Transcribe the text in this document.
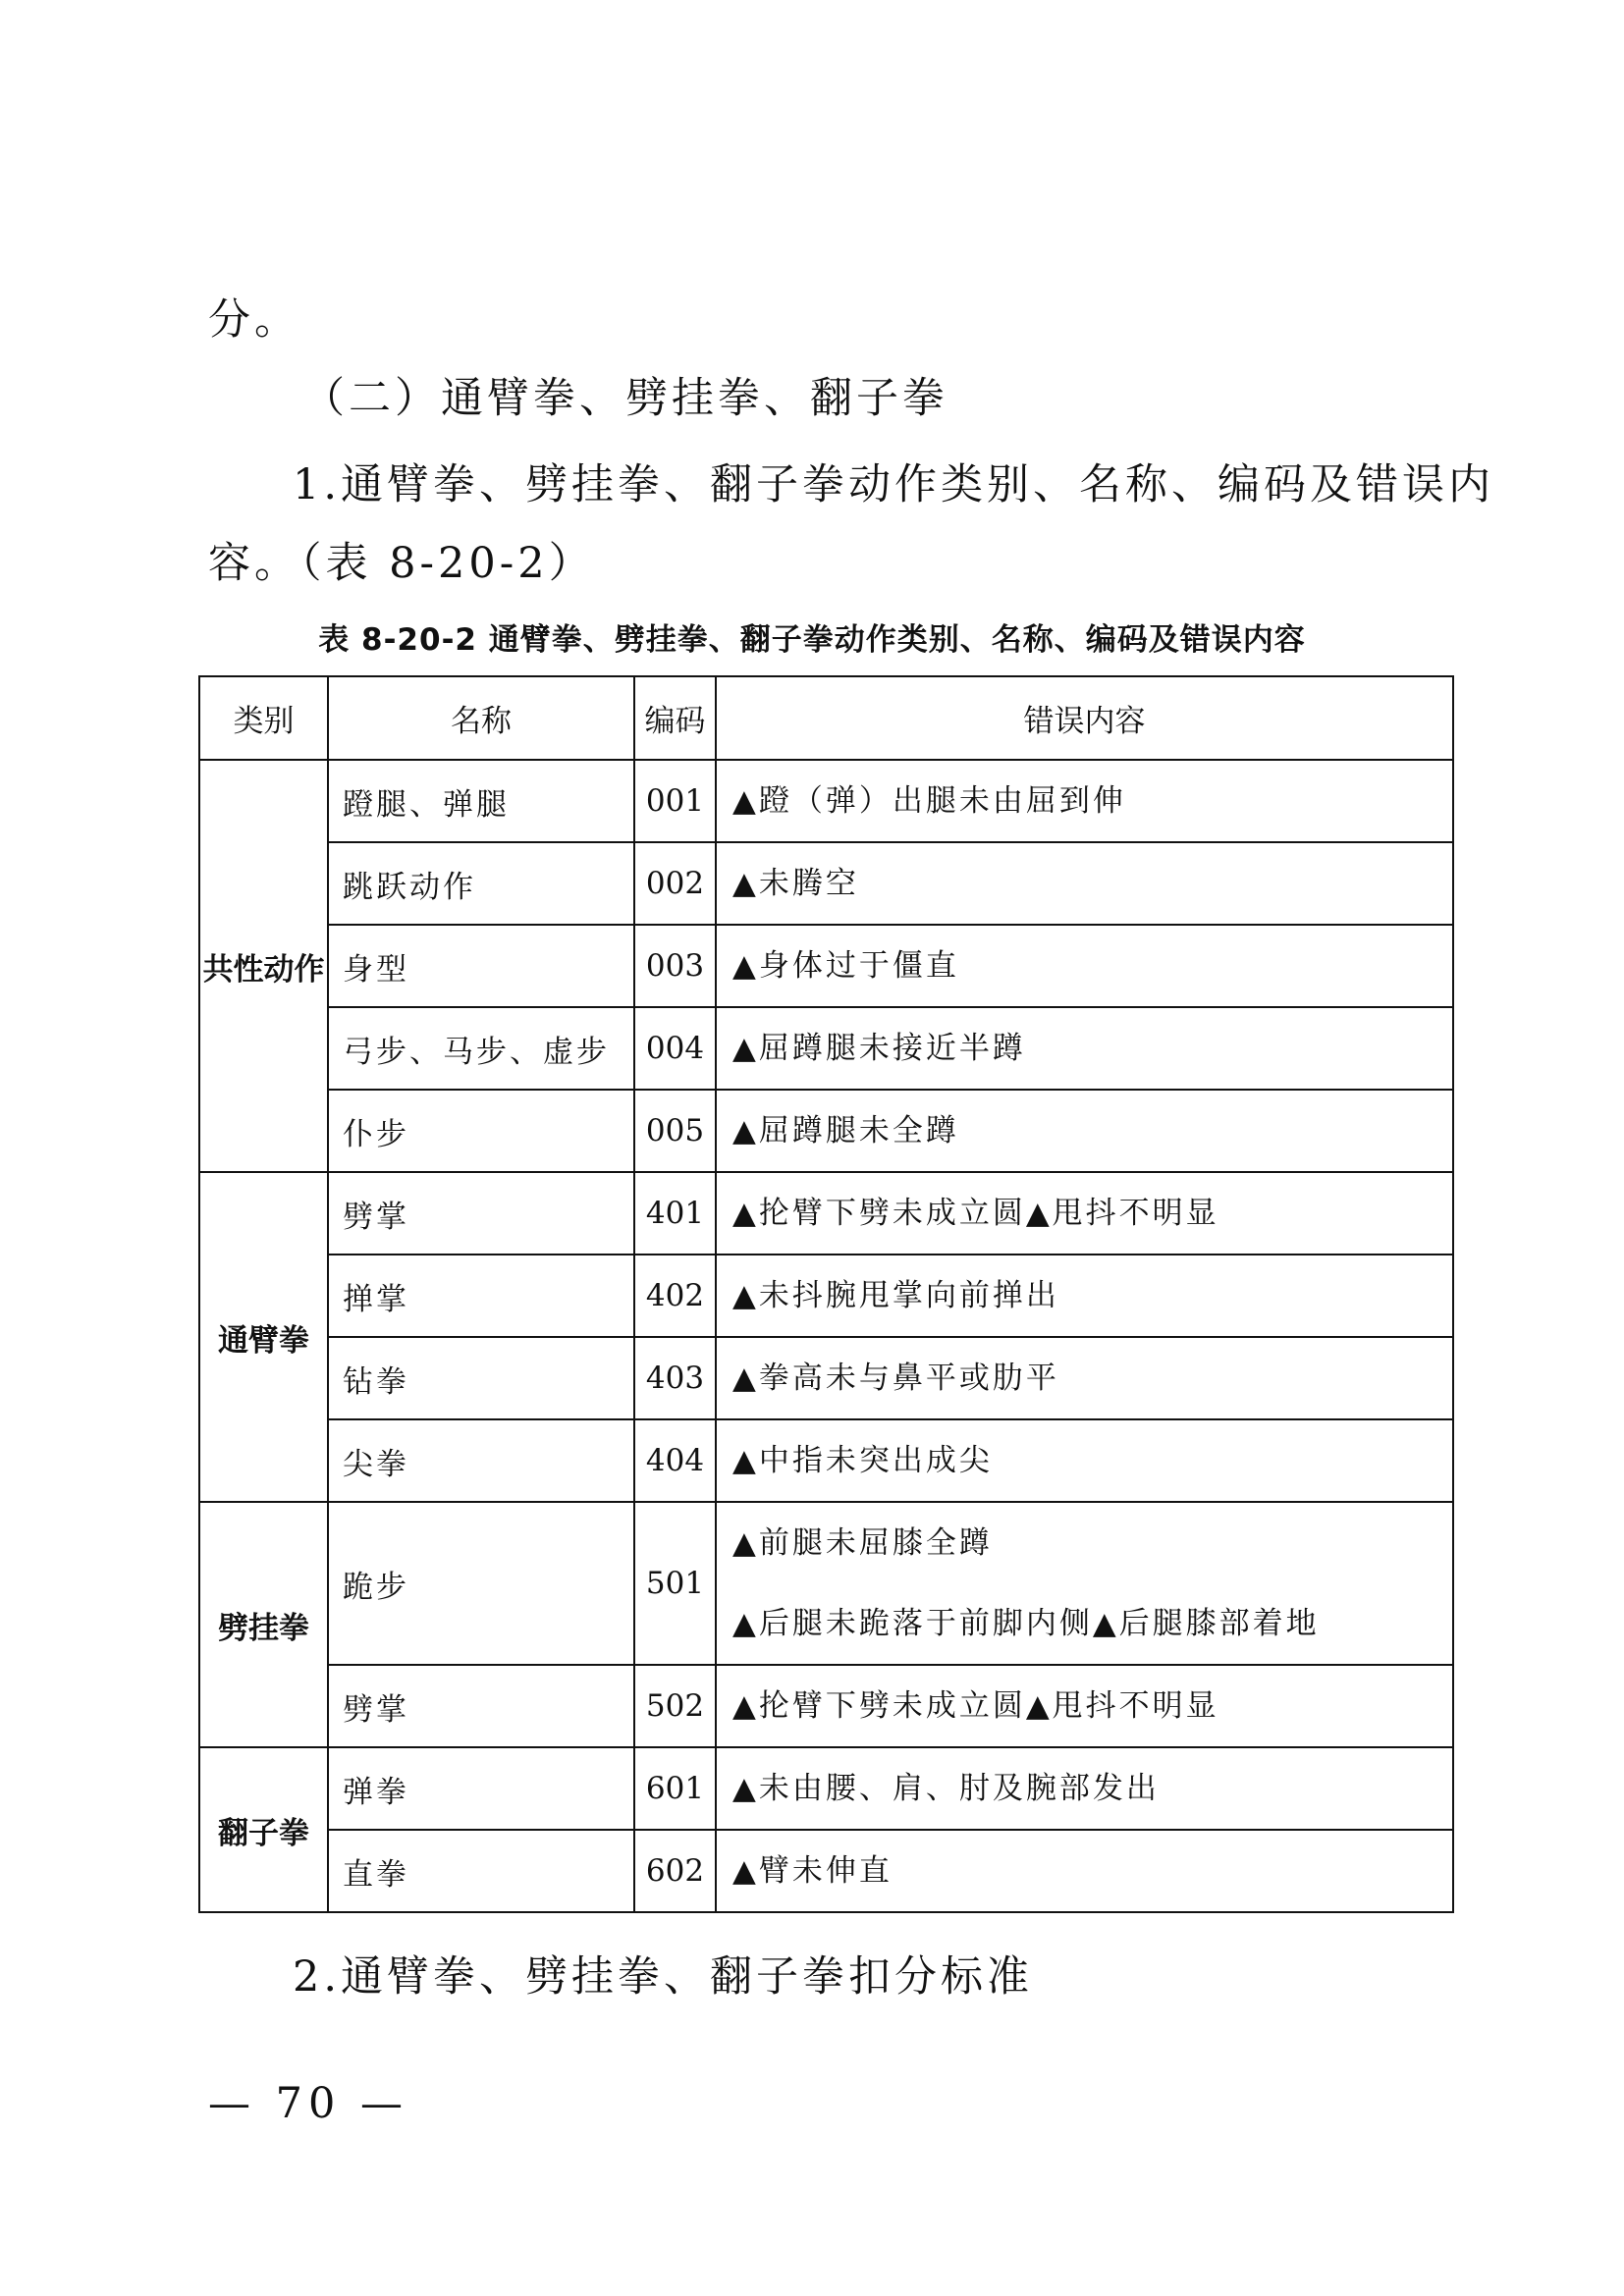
分。
（二）通臂拳、劈挂拳、翻子拳
1.通臂拳、劈挂拳、翻子拳动作类别、名称、编码及错误内
容。（表 8-20-2）
表 8-20-2 通臂拳、劈挂拳、翻子拳动作类别、名称、编码及错误内容
类别	名称	编码	错误内容
共性动作	蹬腿、弹腿	001	▲蹬（弹）出腿未由屈到伸

	跳跃动作	002	▲未腾空

	身型	003	▲身体过于僵直

	弓步、马步、虚步	004	▲屈蹲腿未接近半蹲

	仆步	005	▲屈蹲腿未全蹲

通臂拳	劈掌	401	▲抡臂下劈未成立圆▲甩抖不明显

	掸掌	402	▲未抖腕甩掌向前掸出

	钻拳	403	▲拳高未与鼻平或肋平

	尖拳	404	▲中指未突出成尖

劈挂拳	跪步	501	▲前腿未屈膝全蹲
▲后腿未跪落于前脚内侧▲后腿膝部着地

	劈掌	502	▲抡臂下劈未成立圆▲甩抖不明显

翻子拳	弹拳	601	▲未由腰、肩、肘及腕部发出

	直拳	602	▲臂未伸直
2.通臂拳、劈挂拳、翻子拳扣分标准
— 70 —
